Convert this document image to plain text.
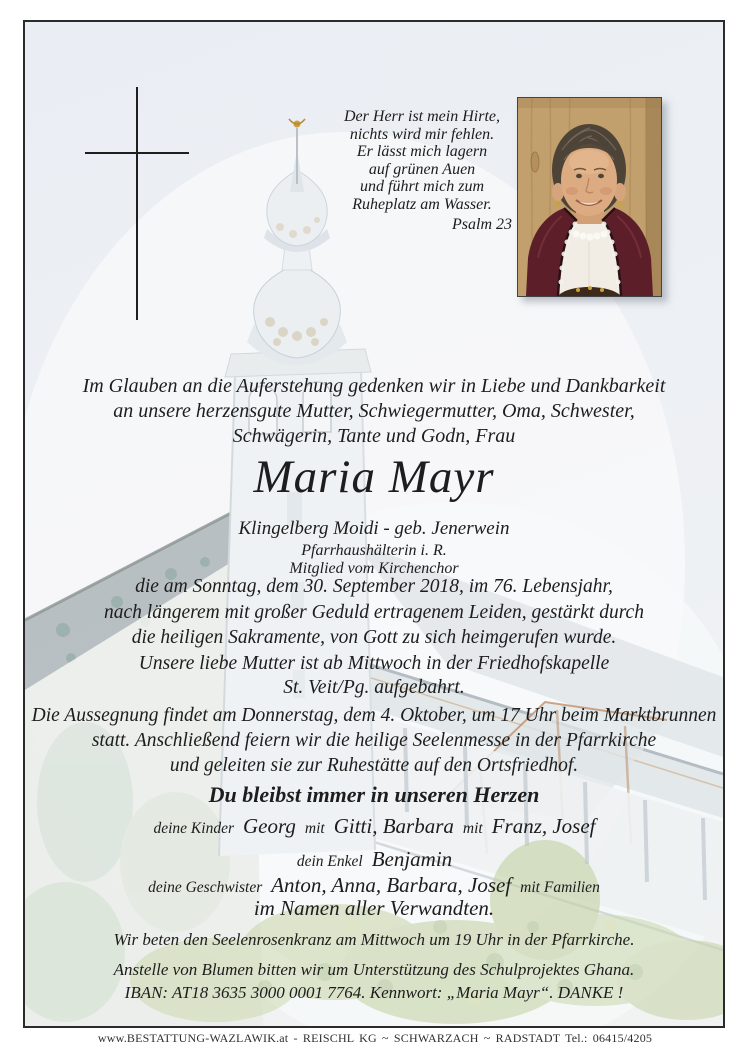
Der Herr ist mein Hirte,
nichts wird mir fehlen.
Er lässt mich lagern
auf grünen Auen
und führt mich zum
Ruheplatz am Wasser.
Psalm 23
Im Glauben an die Auferstehung gedenken wir in Liebe und Dankbarkeit
an unsere herzensgute Mutter, Schwiegermutter, Oma, Schwester,
Schwägerin, Tante und Godn, Frau
Maria Mayr
Klingelberg Moidi - geb. Jenerwein
Pfarrhaushälterin i. R.
Mitglied vom Kirchenchor
die am Sonntag, dem 30. September 2018, im 76. Lebensjahr,
nach längerem mit großer Geduld ertragenem Leiden, gestärkt durch
die heiligen Sakramente, von Gott zu sich heimgerufen wurde.
Unsere liebe Mutter ist ab Mittwoch in der Friedhofskapelle
St. Veit/Pg. aufgebahrt.
Die Aussegnung findet am Donnerstag, dem 4. Oktober, um 17 Uhr beim Marktbrunnen
statt. Anschließend feiern wir die heilige Seelenmesse in der Pfarrkirche
und geleiten sie zur Ruhestätte auf den Ortsfriedhof.
Du bleibst immer in unseren Herzen
deine Kinder Georg mit Gitti, Barbara mit Franz, Josef
dein Enkel Benjamin
deine Geschwister Anton, Anna, Barbara, Josef mit Familien
im Namen aller Verwandten.
Wir beten den Seelenrosenkranz am Mittwoch um 19 Uhr in der Pfarrkirche.
Anstelle von Blumen bitten wir um Unterstützung des Schulprojektes Ghana.
IBAN: AT18 3635 3000 0001 7764. Kennwort: „Maria Mayr“. DANKE !
www.BESTATTUNG-WAZLAWIK.at - REISCHL KG ~ SCHWARZACH ~ RADSTADT Tel.: 06415/4205
